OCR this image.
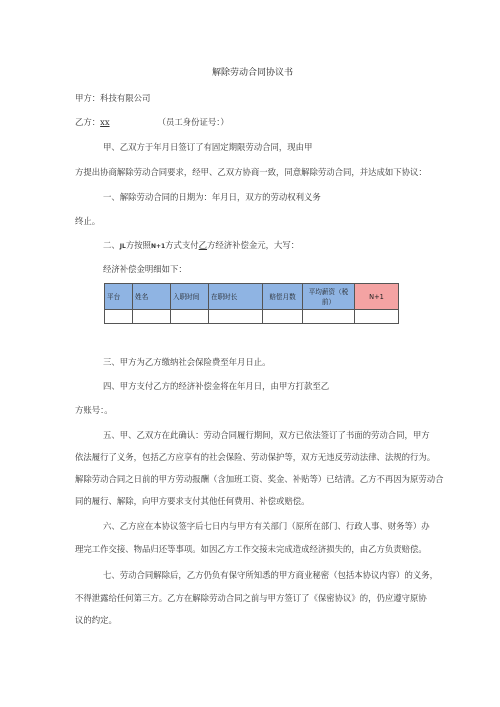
解除劳动合同协议书
甲方：科技有限公司
乙方：xx	（员工身份证号：）
甲、乙双方于年月日签订了有固定期限劳动合同，现由甲
方提出协商解除劳动合同要求，经甲、乙双方协商一致，同意解除劳动合同，并达成如下协议：
一、解除劳动合同的日期为：年月日，双方的劳动权利义务
终止。
二、JL方按照N+1方式支付乙方经济补偿金元，大写：
经济补偿金明细如下：
平台	姓名	入职时间	在职时长	赔偿月数	平均薪资（税前）	N+1

三、甲方为乙方缴纳社会保险费至年月日止。
四、甲方支付乙方的经济补偿金将在年月日，由甲方打款至乙
方账号：。
五、甲、乙双方在此确认：劳动合同履行期间，双方已依法签订了书面的劳动合同，甲方
依法履行了义务，包括乙方应享有的社会保险、劳动保护等，双方无违反劳动法律、法规的行为。
解除劳动合同之日前的甲方劳动报酬（含加班工资、奖金、补贴等）已结清。乙方不再因为原劳动合
同的履行、解除，向甲方要求支付其他任何费用、补偿或赔偿。
六、乙方应在本协议签字后七日内与甲方有关部门（原所在部门、行政人事、财务等）办
理完工作交接、物品归还等事项。如因乙方工作交接未完成造成经济损失的，由乙方负责赔偿。
七、劳动合同解除后，乙方仍负有保守所知悉的甲方商业秘密（包括本协议内容）的义务，
不得泄露给任何第三方。乙方在解除劳动合同之前与甲方签订了《保密协议》的，仍应遵守原协
议的约定。
